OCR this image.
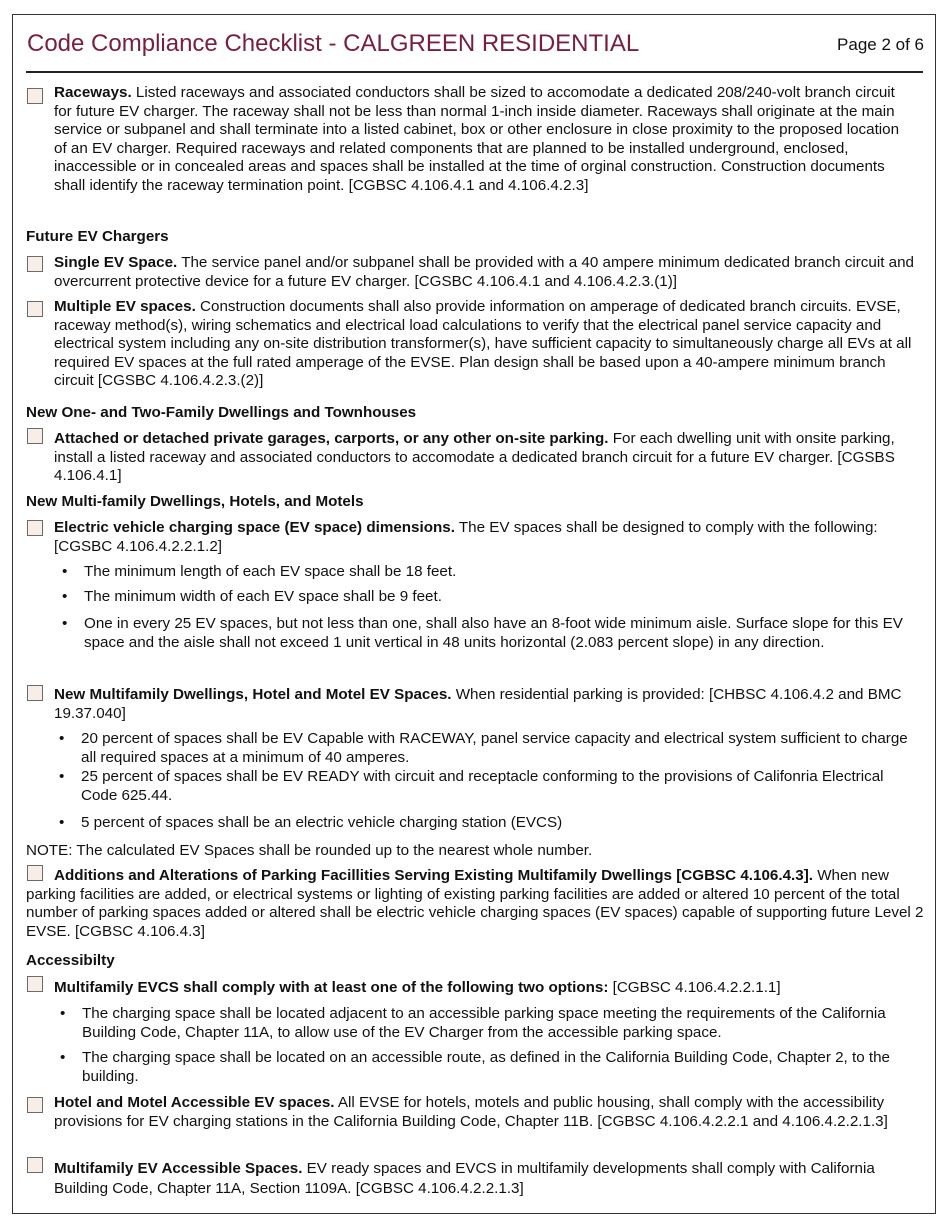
Code Compliance Checklist - CALGREEN RESIDENTIAL	Page 2 of 6
Raceways. Listed raceways and associated conductors shall be sized to accomodate a dedicated 208/240-volt branch circuit for future EV charger. The raceway shall not be less than normal 1-inch inside diameter. Raceways shall originate at the main service or subpanel and shall terminate into a listed cabinet, box or other enclosure in close proximity to the proposed location of an EV charger. Required raceways and related components that are planned to be installed underground, enclosed, inaccessible or in concealed areas and spaces shall be installed at the time of orginal construction. Construction documents shall identify the raceway termination point. [CGBSC 4.106.4.1 and 4.106.4.2.3]
Future EV Chargers
Single EV Space. The service panel and/or subpanel shall be provided with a 40 ampere minimum dedicated branch circuit and overcurrent protective device for a future EV charger. [CGSBC 4.106.4.1 and 4.106.4.2.3.(1)]
Multiple EV spaces. Construction documents shall also provide information on amperage of dedicated branch circuits. EVSE, raceway method(s), wiring schematics and electrical load calculations to verify that the electrical panel service capacity and electrical system including any on-site distribution transformer(s), have sufficient capacity to simultaneously charge all EVs at all required EV spaces at the full rated amperage of the EVSE. Plan design shall be based upon a 40-ampere minimum branch circuit [CGSBC 4.106.4.2.3.(2)]
New One- and Two-Family Dwellings and Townhouses
Attached or detached private garages, carports, or any other on-site parking. For each dwelling unit with onsite parking, install a listed raceway and associated conductors to accomodate a dedicated branch circuit for a future EV charger. [CGSBS 4.106.4.1]
New Multi-family Dwellings, Hotels, and Motels
Electric vehicle charging space (EV space) dimensions. The EV spaces shall be designed to comply with the following: [CGSBC 4.106.4.2.2.1.2]
• The minimum length of each EV space shall be 18 feet.
• The minimum width of each EV space shall be 9 feet.
• One in every 25 EV spaces, but not less than one, shall also have an 8-foot wide minimum aisle. Surface slope for this EV space and the aisle shall not exceed 1 unit vertical in 48 units horizontal (2.083 percent slope) in any direction.
New Multifamily Dwellings, Hotel and Motel EV Spaces. When residential parking is provided: [CHBSC 4.106.4.2 and BMC 19.37.040]
• 20 percent of spaces shall be EV Capable with RACEWAY, panel service capacity and electrical system sufficient to charge all required spaces at a minimum of 40 amperes.
• 25 percent of spaces shall be EV READY with circuit and receptacle conforming to the provisions of Califonria Electrical Code 625.44.
• 5 percent of spaces shall be an electric vehicle charging station (EVCS)
NOTE: The calculated EV Spaces shall be rounded up to the nearest whole number.
Additions and Alterations of Parking Facillities Serving Existing Multifamily Dwellings [CGBSC 4.106.4.3]. When new parking facilities are added, or electrical systems or lighting of existing parking facilities are added or altered 10 percent of the total number of parking spaces added or altered shall be electric vehicle charging spaces (EV spaces) capable of supporting future Level 2 EVSE. [CGBSC 4.106.4.3]
Accessibilty
Multifamily EVCS shall comply with at least one of the following two options: [CGBSC 4.106.4.2.2.1.1]
• The charging space shall be located adjacent to an accessible parking space meeting the requirements of the California Building Code, Chapter 11A, to allow use of the EV Charger from the accessible parking space.
• The charging space shall be located on an accessible route, as defined in the California Building Code, Chapter 2, to the building.
Hotel and Motel Accessible EV spaces. All EVSE for hotels, motels and public housing, shall comply with the accessibility provisions for EV charging stations in the California Building Code, Chapter 11B. [CGBSC 4.106.4.2.2.1 and 4.106.4.2.2.1.3]
Multifamily EV Accessible Spaces. EV ready spaces and EVCS in multifamily developments shall comply with California Building Code, Chapter 11A, Section 1109A. [CGBSC 4.106.4.2.2.1.3]
